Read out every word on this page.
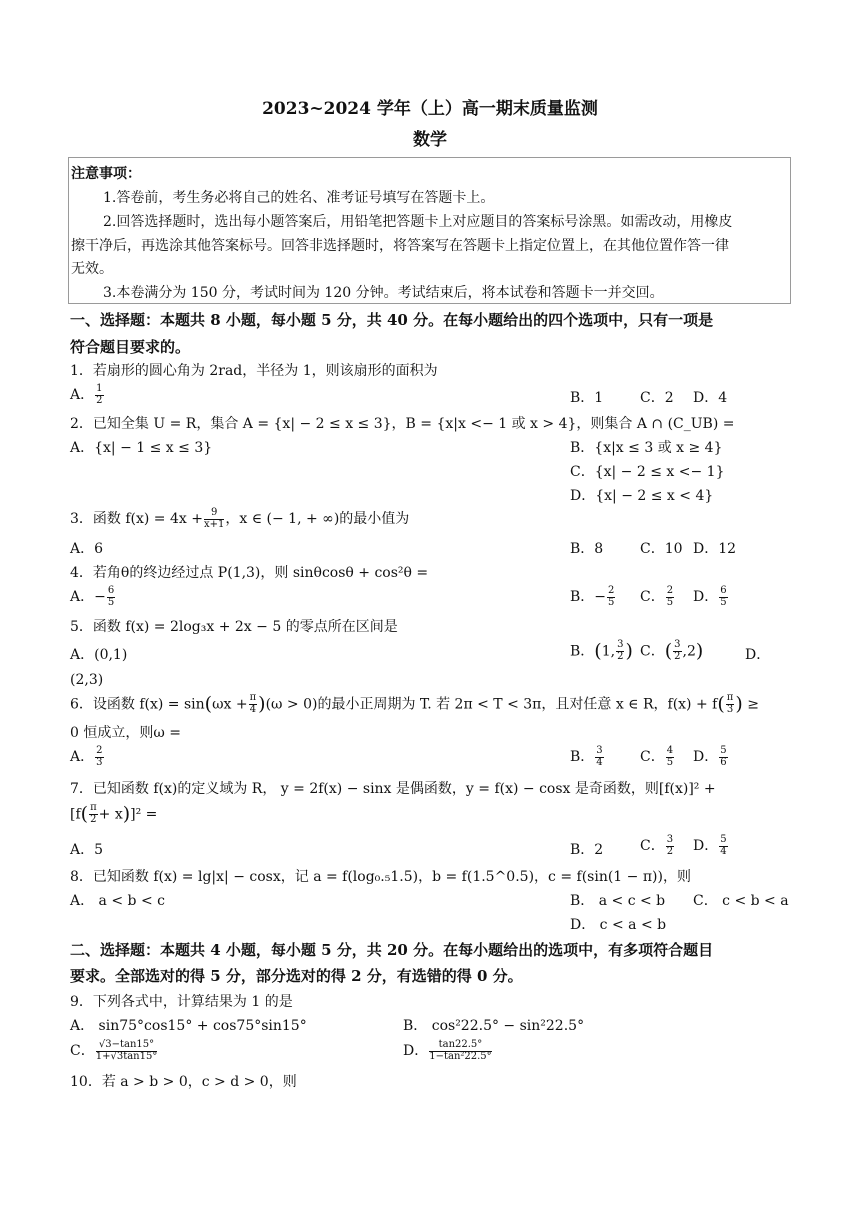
2023~2024 学年（上）高一期末质量监测
数学
注意事项：
1.答卷前，考生务必将自己的姓名、准考证号填写在答题卡上。
2.回答选择题时，选出每小题答案后，用铅笔把答题卡上对应题目的答案标号涂黑。如需改动，用橡皮
擦干净后，再选涂其他答案标号。回答非选择题时，将答案写在答题卡上指定位置上，在其他位置作答一律
无效。
3.本卷满分为 150 分，考试时间为 120 分钟。考试结束后，将本试卷和答题卡一并交回。
一、选择题：本题共 8 小题，每小题 5 分，共 40 分。在每小题给出的四个选项中，只有一项是
符合题目要求的。
1．若扇形的圆心角为 2rad，半径为 1，则该扇形的面积为
A． $\frac{1}{2}$	B．1	C．2 D．4
2．已知全集 U = R，集合 A = {x| − 2 ≤ x ≤ 3}，B = {x|x <− 1 或 x > 4}，则集合 A ∩ (C_UB) =
A．{x| − 1 ≤ x ≤ 3}	B．{x|x ≤ 3 或 x ≥ 4}
C．{x| − 2 ≤ x <− 1}
D．{x| − 2 ≤ x < 4}
3．函数 $f(x) = 4x + \frac{9}{x+1}$ ，x ∈ (− 1, + ∞)的最小值为
A．6	B．8	C．10 D．12
4．若角θ的终边经过点 P(1,3)，则 sinθcosθ + cos²θ =
A．− $\frac{6}{5}$	B．− $\frac{2}{5}$ C． $\frac{2}{5}$ D． $\frac{6}{5}$
5．函数 f(x) = 2log₃x + 2x − 5 的零点所在区间是
A．(0,1)	B．(1, $\frac{3}{2}$ ) C．( $\frac{3}{2} ,2$)	D．
(2,3)
6．设函数 $f(x) = \sin(\omega x + \frac{\pi}{4} )(\omega > 0)$的最小正周期为 T. 若 2π < T < 3π，且对任意 x ∈ R，$f(x) + f( \frac{\pi}{3}$ ) ≥
0 恒成立，则ω =
A． $\frac{2}{3}$	B． $\frac{3}{4}$	C． $\frac{4}{5}$ D． $\frac{5}{6}$
7．已知函数 f(x)的定义域为 R， y = 2f(x) − sinx 是偶函数，y = f(x) − cosx 是奇函数，则[f(x)]² +
$[f( \frac{\pi}{2} + x)]^2$ =
A．5	B．2	C． $\frac{3}{2}$ D． $\frac{5}{4}$
8．已知函数 f(x) = lg|x| − cosx，记 a = f(log₀.₅1.5)，b = f(1.5^0.5)，c = f(sin(1 − π))，则
A． a < b < c	B． a < c < b C． c < b < a
D． c < a < b
二、选择题：本题共 4 小题，每小题 5 分，共 20 分。在每小题给出的选项中，有多项符合题目
要求。全部选对的得 5 分，部分选对的得 2 分，有选错的得 0 分。
9．下列各式中，计算结果为 1 的是
A． sin75°cos15° + cos75°sin15°	B． cos²22.5° − sin²22.5°
C． $\frac{√3-\tan 15^\circ}{1+√3\tan 15^\circ}$	D． $\frac{\tan 22.5^\circ}{\text{1−tan²22.5°}}$
10．若 a > b > 0，c > d > 0，则
